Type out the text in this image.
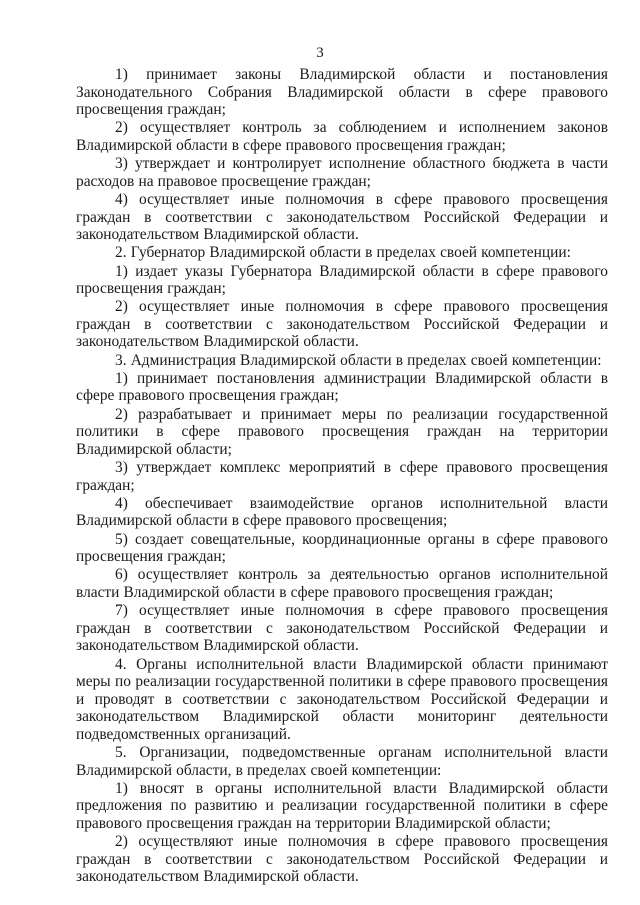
3

1) принимает законы Владимирской области и постановления Законодательного Собрания Владимирской области в сфере правового просвещения граждан;

2) осуществляет контроль за соблюдением и исполнением законов Владимирской области в сфере правового просвещения граждан;

3) утверждает и контролирует исполнение областного бюджета в части расходов на правовое просвещение граждан;

4) осуществляет иные полномочия в сфере правового просвещения граждан в соответствии с законодательством Российской Федерации и законодательством Владимирской области.

2. Губернатор Владимирской области в пределах своей компетенции:

1) издает указы Губернатора Владимирской области в сфере правового просвещения граждан;

2) осуществляет иные полномочия в сфере правового просвещения граждан в соответствии с законодательством Российской Федерации и законодательством Владимирской области.

3. Администрация Владимирской области в пределах своей компетенции:

1) принимает постановления администрации Владимирской области в сфере правового просвещения граждан;

2) разрабатывает и принимает меры по реализации государственной политики в сфере правового просвещения граждан на территории Владимирской области;

3) утверждает комплекс мероприятий в сфере правового просвещения граждан;

4) обеспечивает взаимодействие органов исполнительной власти Владимирской области в сфере правового просвещения;

5) создает совещательные, координационные органы в сфере правового просвещения граждан;

6) осуществляет контроль за деятельностью органов исполнительной власти Владимирской области в сфере правового просвещения граждан;

7) осуществляет иные полномочия в сфере правового просвещения граждан в соответствии с законодательством Российской Федерации и законодательством Владимирской области.

4. Органы исполнительной власти Владимирской области принимают меры по реализации государственной политики в сфере правового просвещения и проводят в соответствии с законодательством Российской Федерации и законодательством Владимирской области мониторинг деятельности подведомственных организаций.

5. Организации, подведомственные органам исполнительной власти Владимирской области, в пределах своей компетенции:

1) вносят в органы исполнительной власти Владимирской области предложения по развитию и реализации государственной политики в сфере правового просвещения граждан на территории Владимирской области;

2) осуществляют иные полномочия в сфере правового просвещения граждан в соответствии с законодательством Российской Федерации и законодательством Владимирской области.
